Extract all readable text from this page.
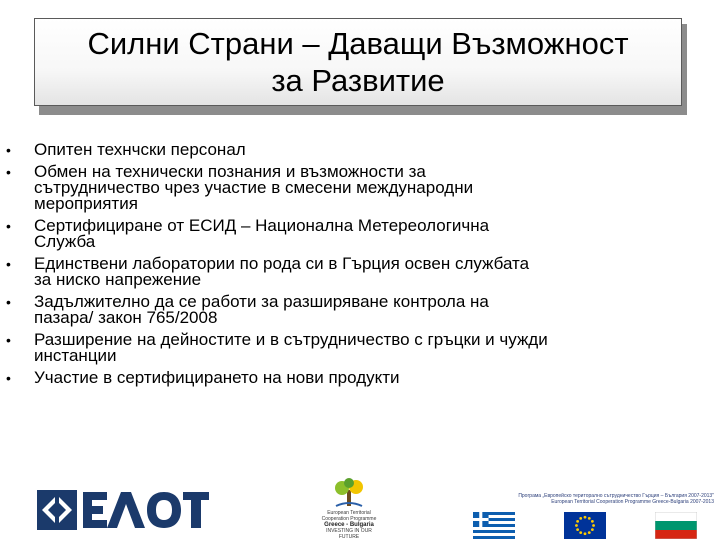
Силни Страни – Даващи Възможност
за Развитие
• Опитен технчски персонал
• Обмен на технически познания и възможности за
сътрудничество чрез участие в смесени международни
мероприятия
• Сертифициране от ЕСИД – Национална Метереологична
Служба
• Единствени лаборатории по рода си в Гърция освен службата
за ниско напрежение
• Задължително да се работи за разширяване контрола на
пазара/ закон 765/2008
• Разширение на дейностите и в сътрудничество с гръцки и чужди
инстанции
• Участие в сертифицирането на нови продукти
European Territorial Cooperation Programme
Greece - Bulgaria
INVESTING IN OUR FUTURE
Програма „Европейско територално сътрудничество Гърция – България 2007-2013"
European Territorial Cooperation Programme Greece-Bulgaria 2007-2013
